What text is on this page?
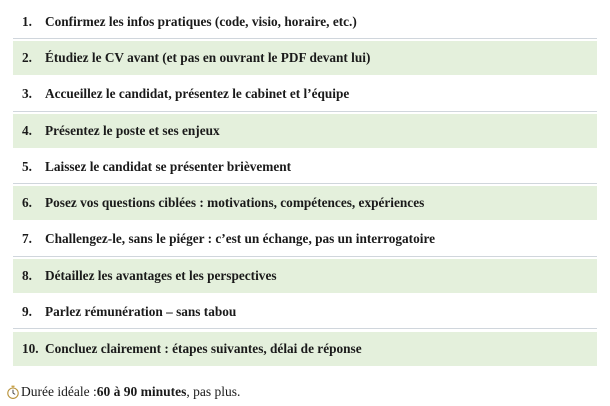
1. Confirmez les infos pratiques (code, visio, horaire, etc.)
2. Étudiez le CV avant (et pas en ouvrant le PDF devant lui)
3. Accueillez le candidat, présentez le cabinet et l’équipe
4. Présentez le poste et ses enjeux
5. Laissez le candidat se présenter brièvement
6. Posez vos questions ciblées : motivations, compétences, expériences
7. Challengez-le, sans le piéger : c’est un échange, pas un interrogatoire
8. Détaillez les avantages et les perspectives
9. Parlez rémunération – sans tabou
10. Concluez clairement : étapes suivantes, délai de réponse
Durée idéale : 60 à 90 minutes , pas plus.
